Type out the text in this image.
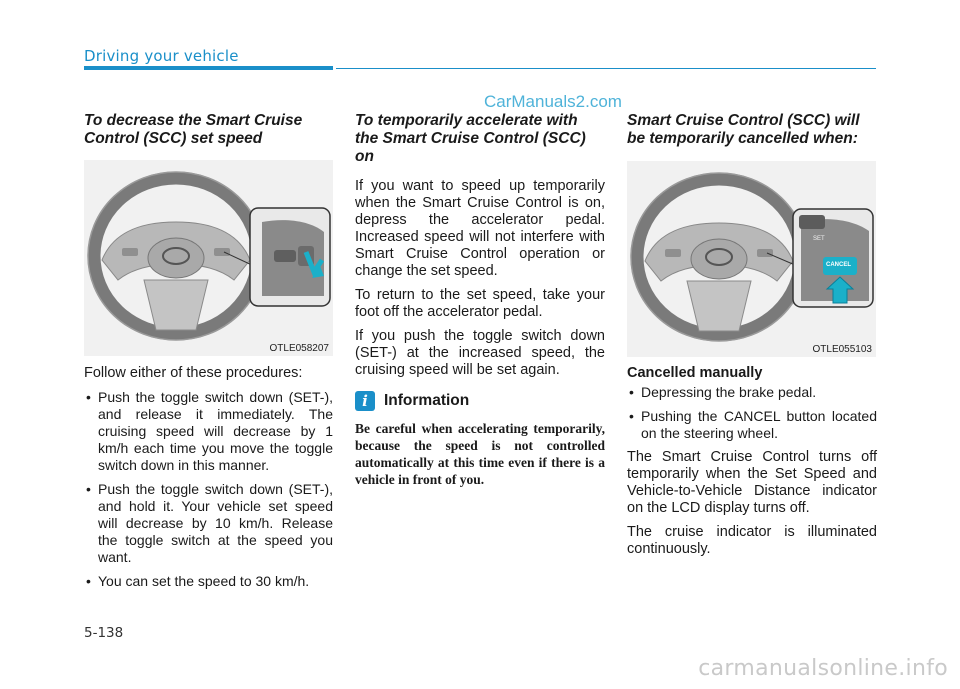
Driving your vehicle
CarManuals2.com
To decrease the Smart Cruise Control (SCC) set speed
OTLE058207

Follow either of these procedures:

• Push the toggle switch down (SET-), and release it immediately. The cruising speed will decrease by 1 km/h each time you move the toggle switch down in this manner.
• Push the toggle switch down (SET-), and hold it. Your vehicle set speed will decrease by 10 km/h. Release the toggle switch at the speed you want.
• You can set the speed to 30 km/h.
To temporarily accelerate with the Smart Cruise Control (SCC) on

If you want to speed up temporarily when the Smart Cruise Control is on, depress the accelerator pedal. Increased speed will not interfere with Smart Cruise Control operation or change the set speed.

To return to the set speed, take your foot off the accelerator pedal.

If you push the toggle switch down (SET-) at the increased speed, the cruising speed will be set again.

i	Information

Be careful when accelerating temporarily, because the speed is not controlled automatically at this time even if there is a vehicle in front of you.

Smart Cruise Control (SCC) will be temporarily cancelled when:
SET
CANCEL
OTLE055103
Cancelled manually
• Depressing the brake pedal.
• Pushing the CANCEL button located on the steering wheel.

The Smart Cruise Control turns off temporarily when the Set Speed and Vehicle-to-Vehicle Distance indicator on the LCD display turns off.

The cruise indicator is illuminated continuously.

5-138
carmanualsonline.info
